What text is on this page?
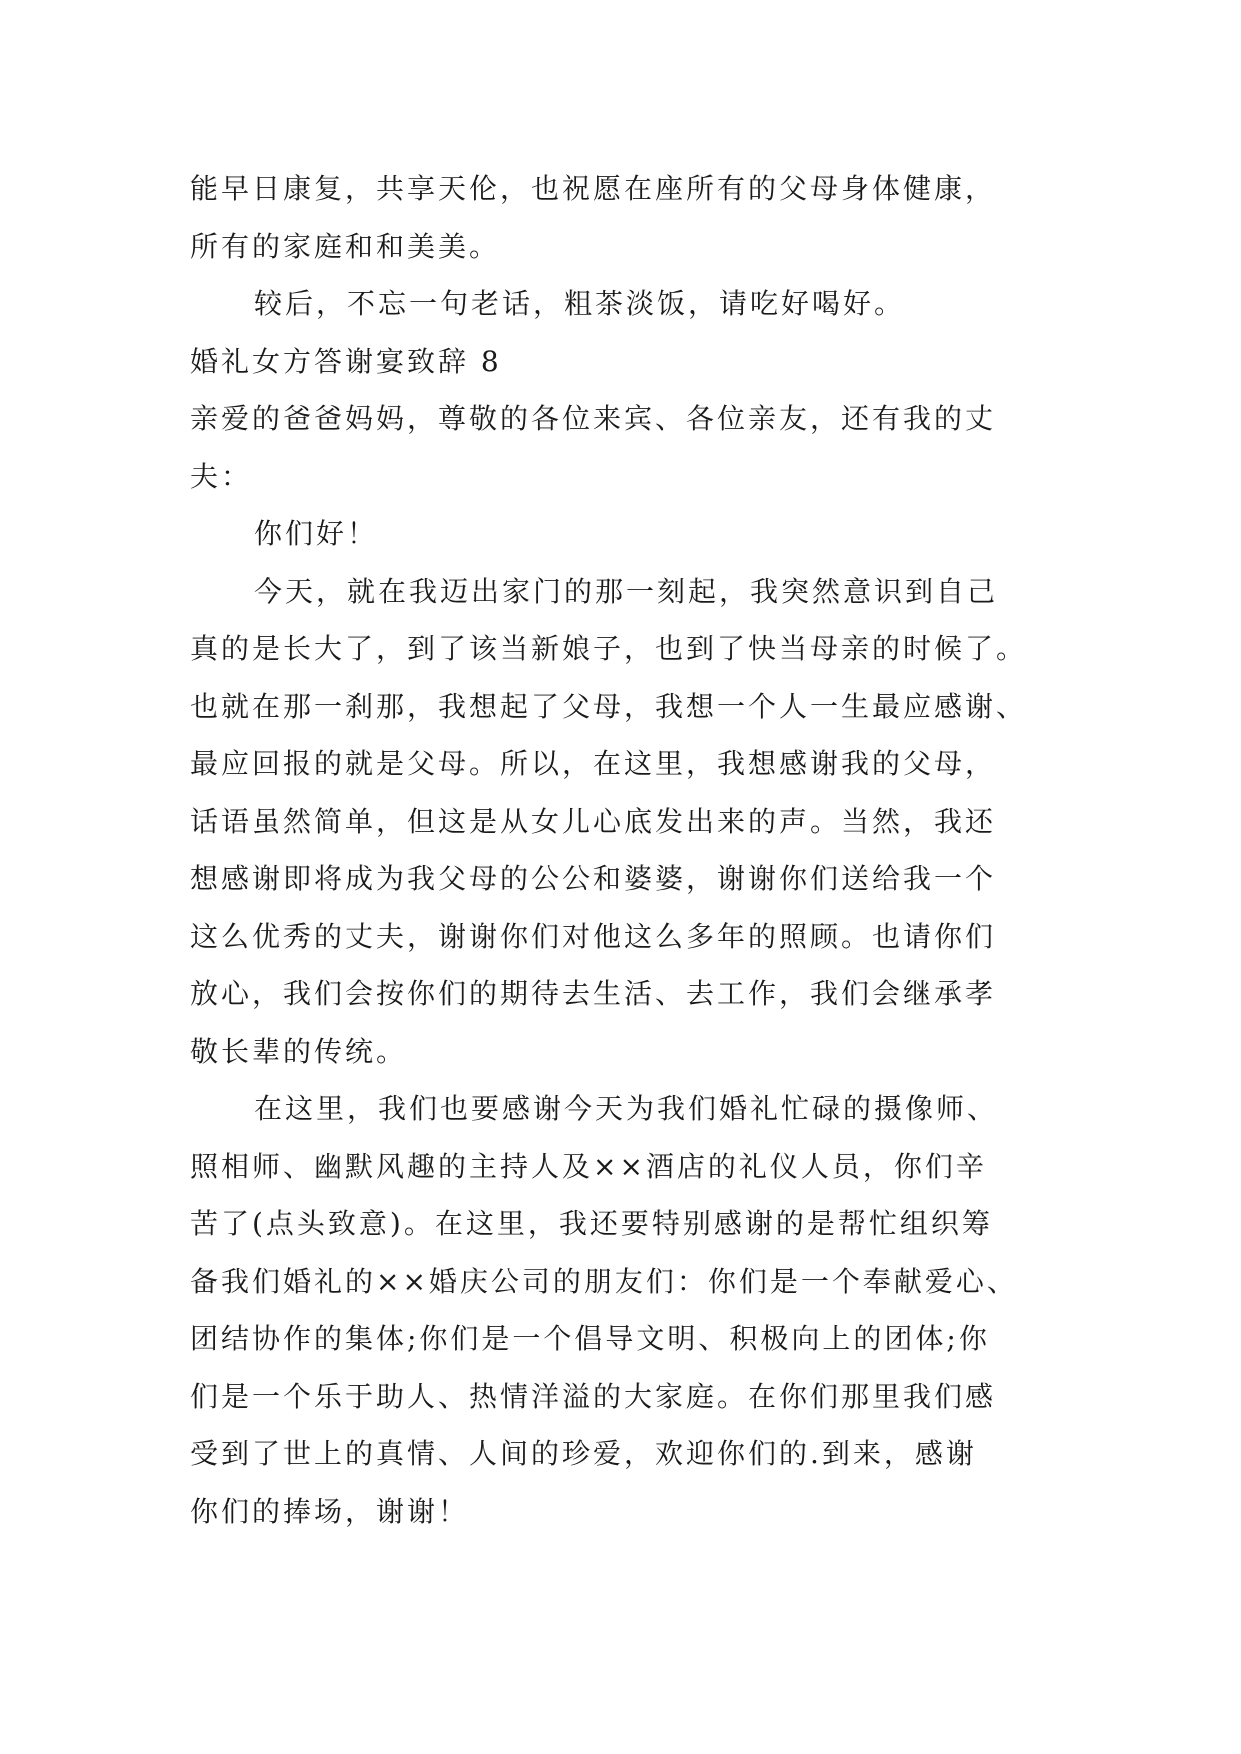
能早日康复，共享天伦，也祝愿在座所有的父母身体健康，
所有的家庭和和美美。
较后，不忘一句老话，粗茶淡饭，请吃好喝好。
婚礼女方答谢宴致辞 8
亲爱的爸爸妈妈，尊敬的各位来宾、各位亲友，还有我的丈
夫：
你们好！
今天，就在我迈出家门的那一刻起，我突然意识到自己
真的是长大了，到了该当新娘子，也到了快当母亲的时候了。
也就在那一刹那，我想起了父母，我想一个人一生最应感谢、
最应回报的就是父母。所以，在这里，我想感谢我的父母，
话语虽然简单，但这是从女儿心底发出来的声。当然，我还
想感谢即将成为我父母的公公和婆婆，谢谢你们送给我一个
这么优秀的丈夫，谢谢你们对他这么多年的照顾。也请你们
放心，我们会按你们的期待去生活、去工作，我们会继承孝
敬长辈的传统。
在这里，我们也要感谢今天为我们婚礼忙碌的摄像师、
照相师、幽默风趣的主持人及××酒店的礼仪人员，你们辛
苦了(点头致意)。在这里，我还要特别感谢的是帮忙组织筹
备我们婚礼的××婚庆公司的朋友们：你们是一个奉献爱心、
团结协作的集体;你们是一个倡导文明、积极向上的团体;你
们是一个乐于助人、热情洋溢的大家庭。在你们那里我们感
受到了世上的真情、人间的珍爱，欢迎你们的.到来，感谢
你们的捧场，谢谢！
